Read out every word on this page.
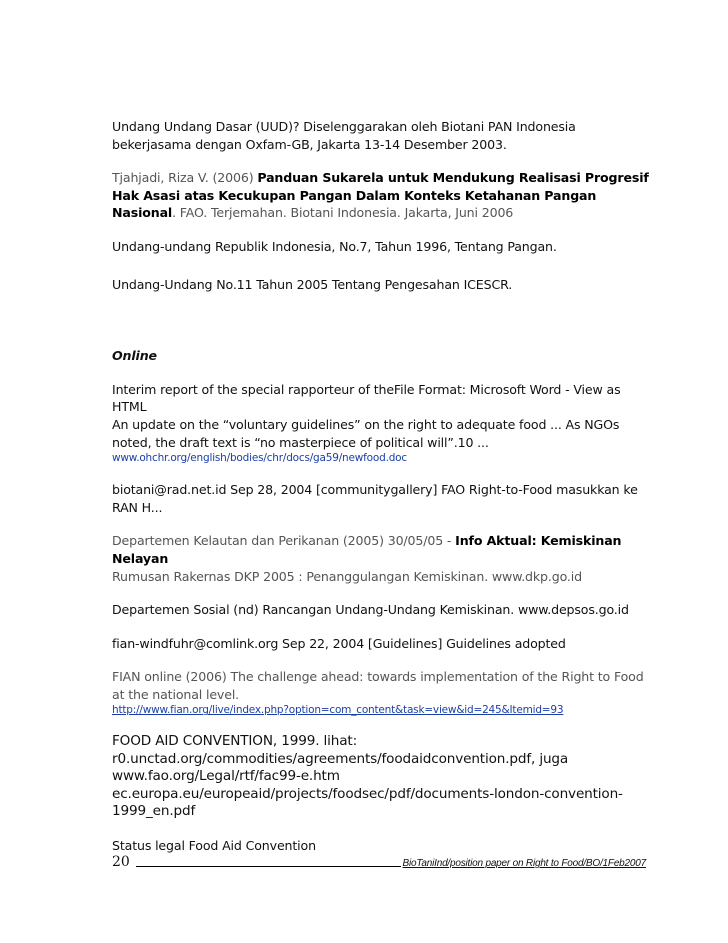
Undang Undang Dasar (UUD)? Diselenggarakan oleh Biotani PAN Indonesia bekerjasama dengan Oxfam-GB, Jakarta 13-14 Desember 2003.

Tjahjadi, Riza V. (2006) Panduan Sukarela untuk Mendukung Realisasi Progresif Hak Asasi atas Kecukupan Pangan Dalam Konteks Ketahanan Pangan Nasional. FAO. Terjemahan. Biotani Indonesia. Jakarta, Juni 2006

Undang-undang Republik Indonesia, No.7, Tahun 1996, Tentang Pangan.

Undang-Undang No.11 Tahun 2005 Tentang Pengesahan ICESCR.

Online

Interim report of the special rapporteur of theFile Format: Microsoft Word - View as HTML

An update on the “voluntary guidelines” on the right to adequate food ... As NGOs noted, the draft text is “no masterpiece of political will”.10 ...

www.ohchr.org/english/bodies/chr/docs/ga59/newfood.doc

biotani@rad.net.id Sep 28, 2004 [communitygallery] FAO Right-to-Food masukkan ke RAN H...

Departemen Kelautan dan Perikanan (2005) 30/05/05 - Info Aktual: Kemiskinan Nelayan

Rumusan Rakernas DKP 2005 : Penanggulangan Kemiskinan. www.dkp.go.id

Departemen Sosial (nd) Rancangan Undang-Undang Kemiskinan. www.depsos.go.id

fian-windfuhr@comlink.org Sep 22, 2004 [Guidelines] Guidelines adopted

FIAN online (2006) The challenge ahead: towards implementation of the Right to Food at the national level.

http://www.fian.org/live/index.php?option=com_content&task=view&id=245&Itemid=93

FOOD AID CONVENTION, 1999. lihat:

r0.unctad.org/commodities/agreements/foodaidconvention.pdf, juga

www.fao.org/Legal/rtf/fac99-e.htm

ec.europa.eu/europeaid/projects/foodsec/pdf/documents-london-convention-1999_en.pdf

Status legal Food Aid Convention

20	BioTaniInd/position paper on Right to Food/BO/1Feb2007
